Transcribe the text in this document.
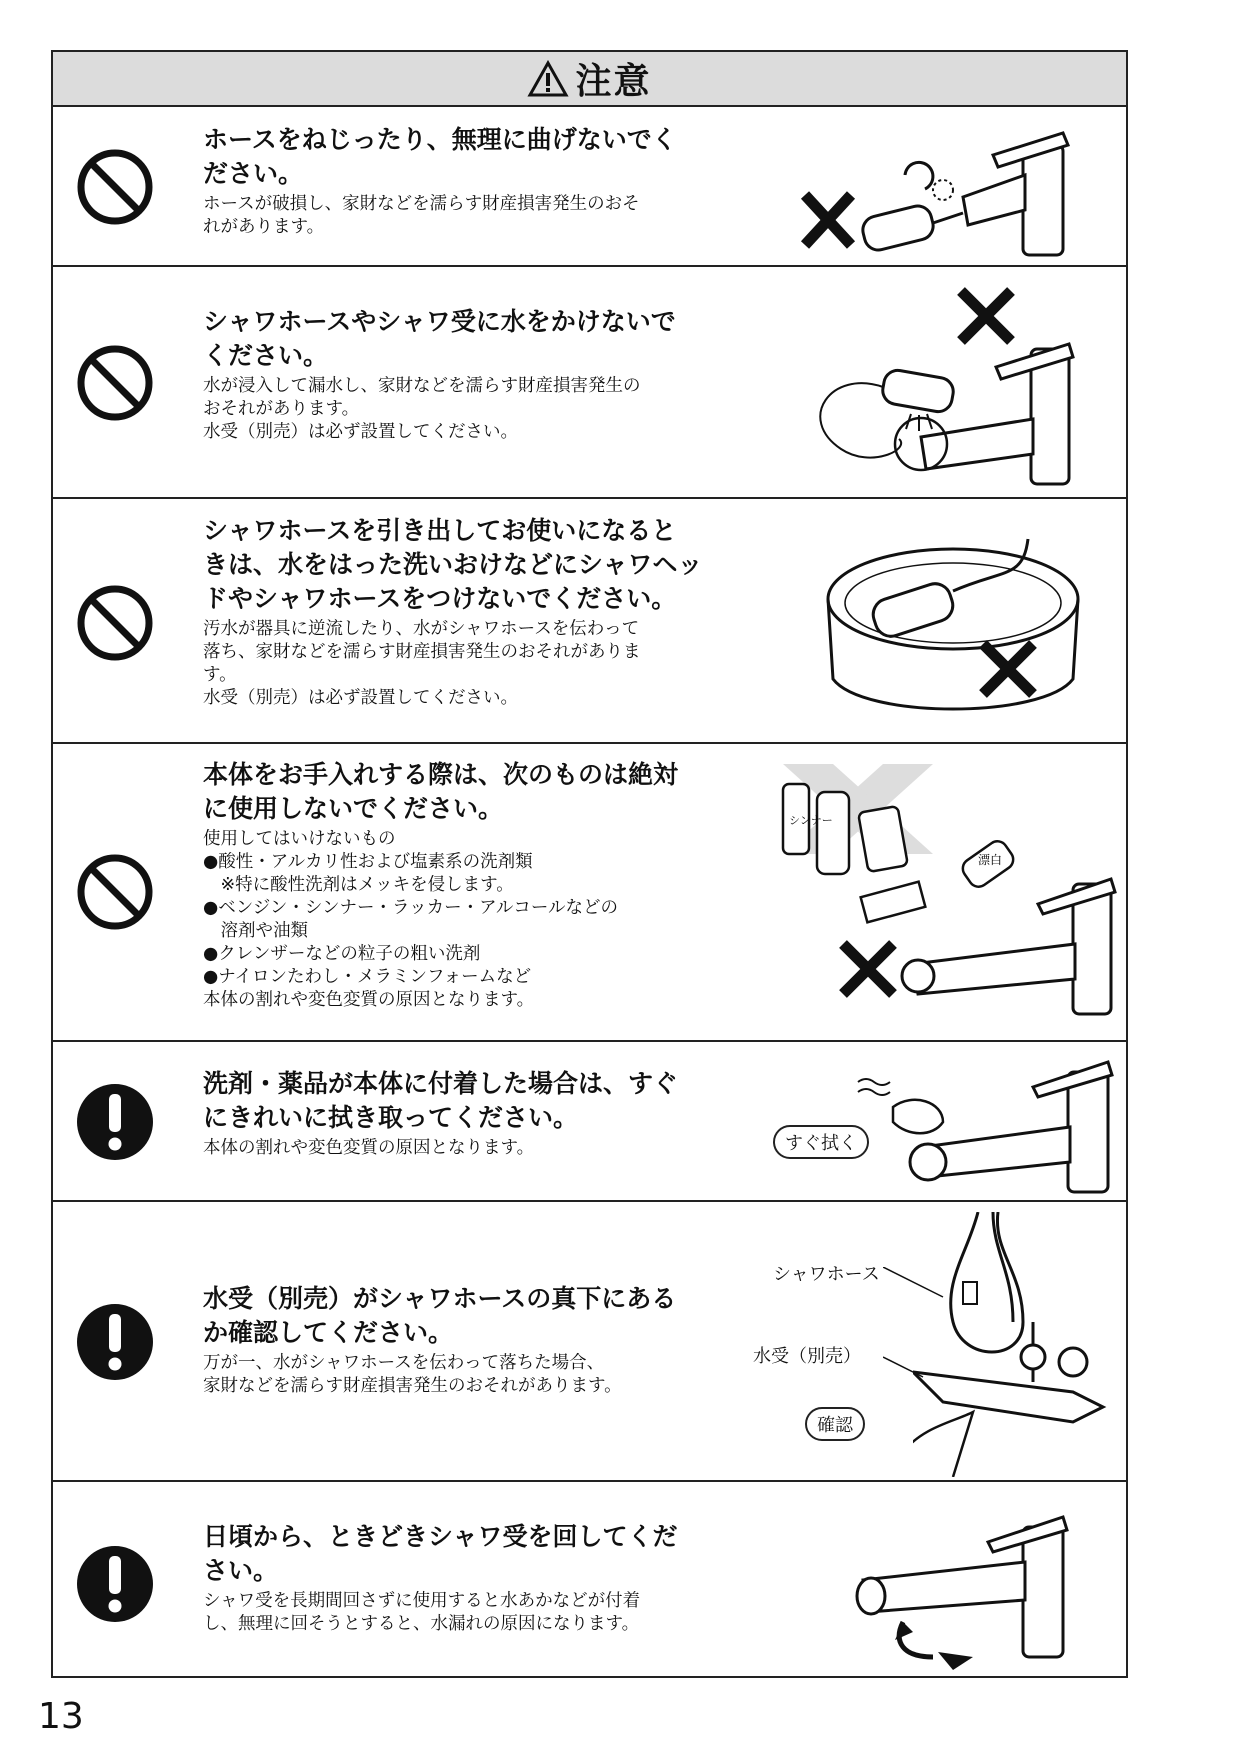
注意

ホースをねじったり、無理に曲げないでく
ださい。

ホースが破損し、家財などを濡らす財産損害発生のおそ

れがあります。

シャワホースやシャワ受に水をかけないで
ください。

水が浸入して漏水し、家財などを濡らす財産損害発生の

おそれがあります。

水受（別売）は必ず設置してください。

シャワホースを引き出してお使いになると
きは、水をはった洗いおけなどにシャワヘッ
ドやシャワホースをつけないでください。

汚水が器具に逆流したり、水がシャワホースを伝わって

落ち、家財などを濡らす財産損害発生のおそれがありま

す。

水受（別売）は必ず設置してください。

本体をお手入れする際は、次のものは絶対
に使用しないでください。

使用してはいけないもの

●酸性・アルカリ性および塩素系の洗剤類

　※特に酸性洗剤はメッキを侵します。

●ベンジン・シンナー・ラッカー・アルコールなどの

　溶剤や油類

●クレンザーなどの粒子の粗い洗剤

●ナイロンたわし・メラミンフォームなど

本体の割れや変色変質の原因となります。

シンナー
漂白

洗剤・薬品が本体に付着した場合は、すぐ
にきれいに拭き取ってください。

本体の割れや変色変質の原因となります。	すぐ拭く

水受（別売）がシャワホースの真下にある
か確認してください。

万が一、水がシャワホースを伝わって落ちた場合、

家財などを濡らす財産損害発生のおそれがあります。

シャワホース
水受（別売）
確認

日頃から、ときどきシャワ受を回してくだ
さい。

シャワ受を長期間回さずに使用すると水あかなどが付着

し、無理に回そうとすると、水漏れの原因になります。

13
